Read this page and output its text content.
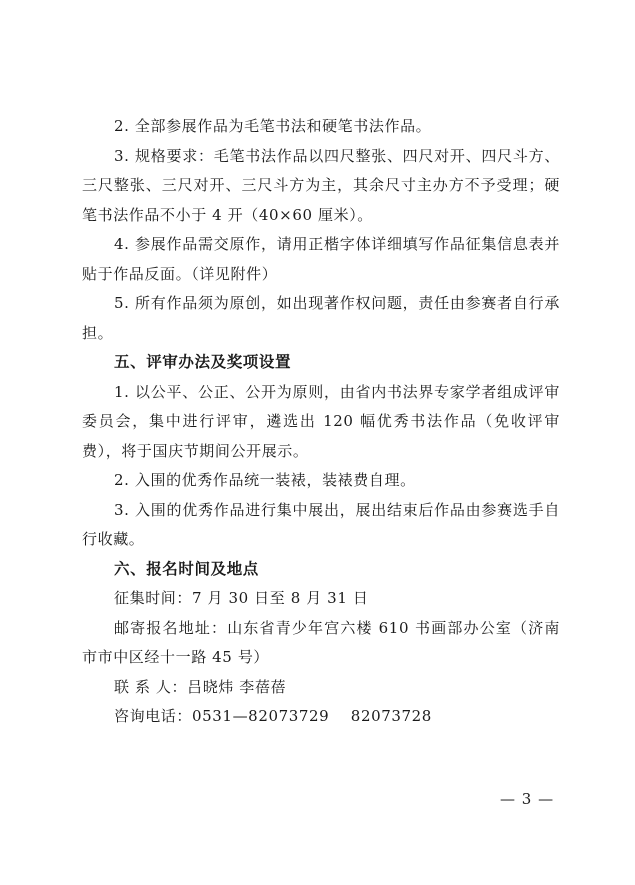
2. 全部参展作品为毛笔书法和硬笔书法作品。

3. 规格要求：毛笔书法作品以四尺整张、四尺对开、四尺斗方、三尺整张、三尺对开、三尺斗方为主，其余尺寸主办方不予受理；硬笔书法作品不小于 4 开（40×60 厘米）。

4. 参展作品需交原作，请用正楷字体详细填写作品征集信息表并贴于作品反面。（详见附件）

5. 所有作品须为原创，如出现著作权问题，责任由参赛者自行承担。

五、评审办法及奖项设置

1. 以公平、公正、公开为原则，由省内书法界专家学者组成评审委员会，集中进行评审，遴选出 120 幅优秀书法作品（免收评审费），将于国庆节期间公开展示。

2. 入围的优秀作品统一装裱，装裱费自理。

3. 入围的优秀作品进行集中展出，展出结束后作品由参赛选手自行收藏。

六、报名时间及地点

征集时间：7 月 30 日至 8 月 31 日

邮寄报名地址：山东省青少年宫六楼 610 书画部办公室（济南市市中区经十一路 45 号）

联 系 人：吕晓炜 李蓓蓓

咨询电话：0531—82073729    82073728

— 3 —
